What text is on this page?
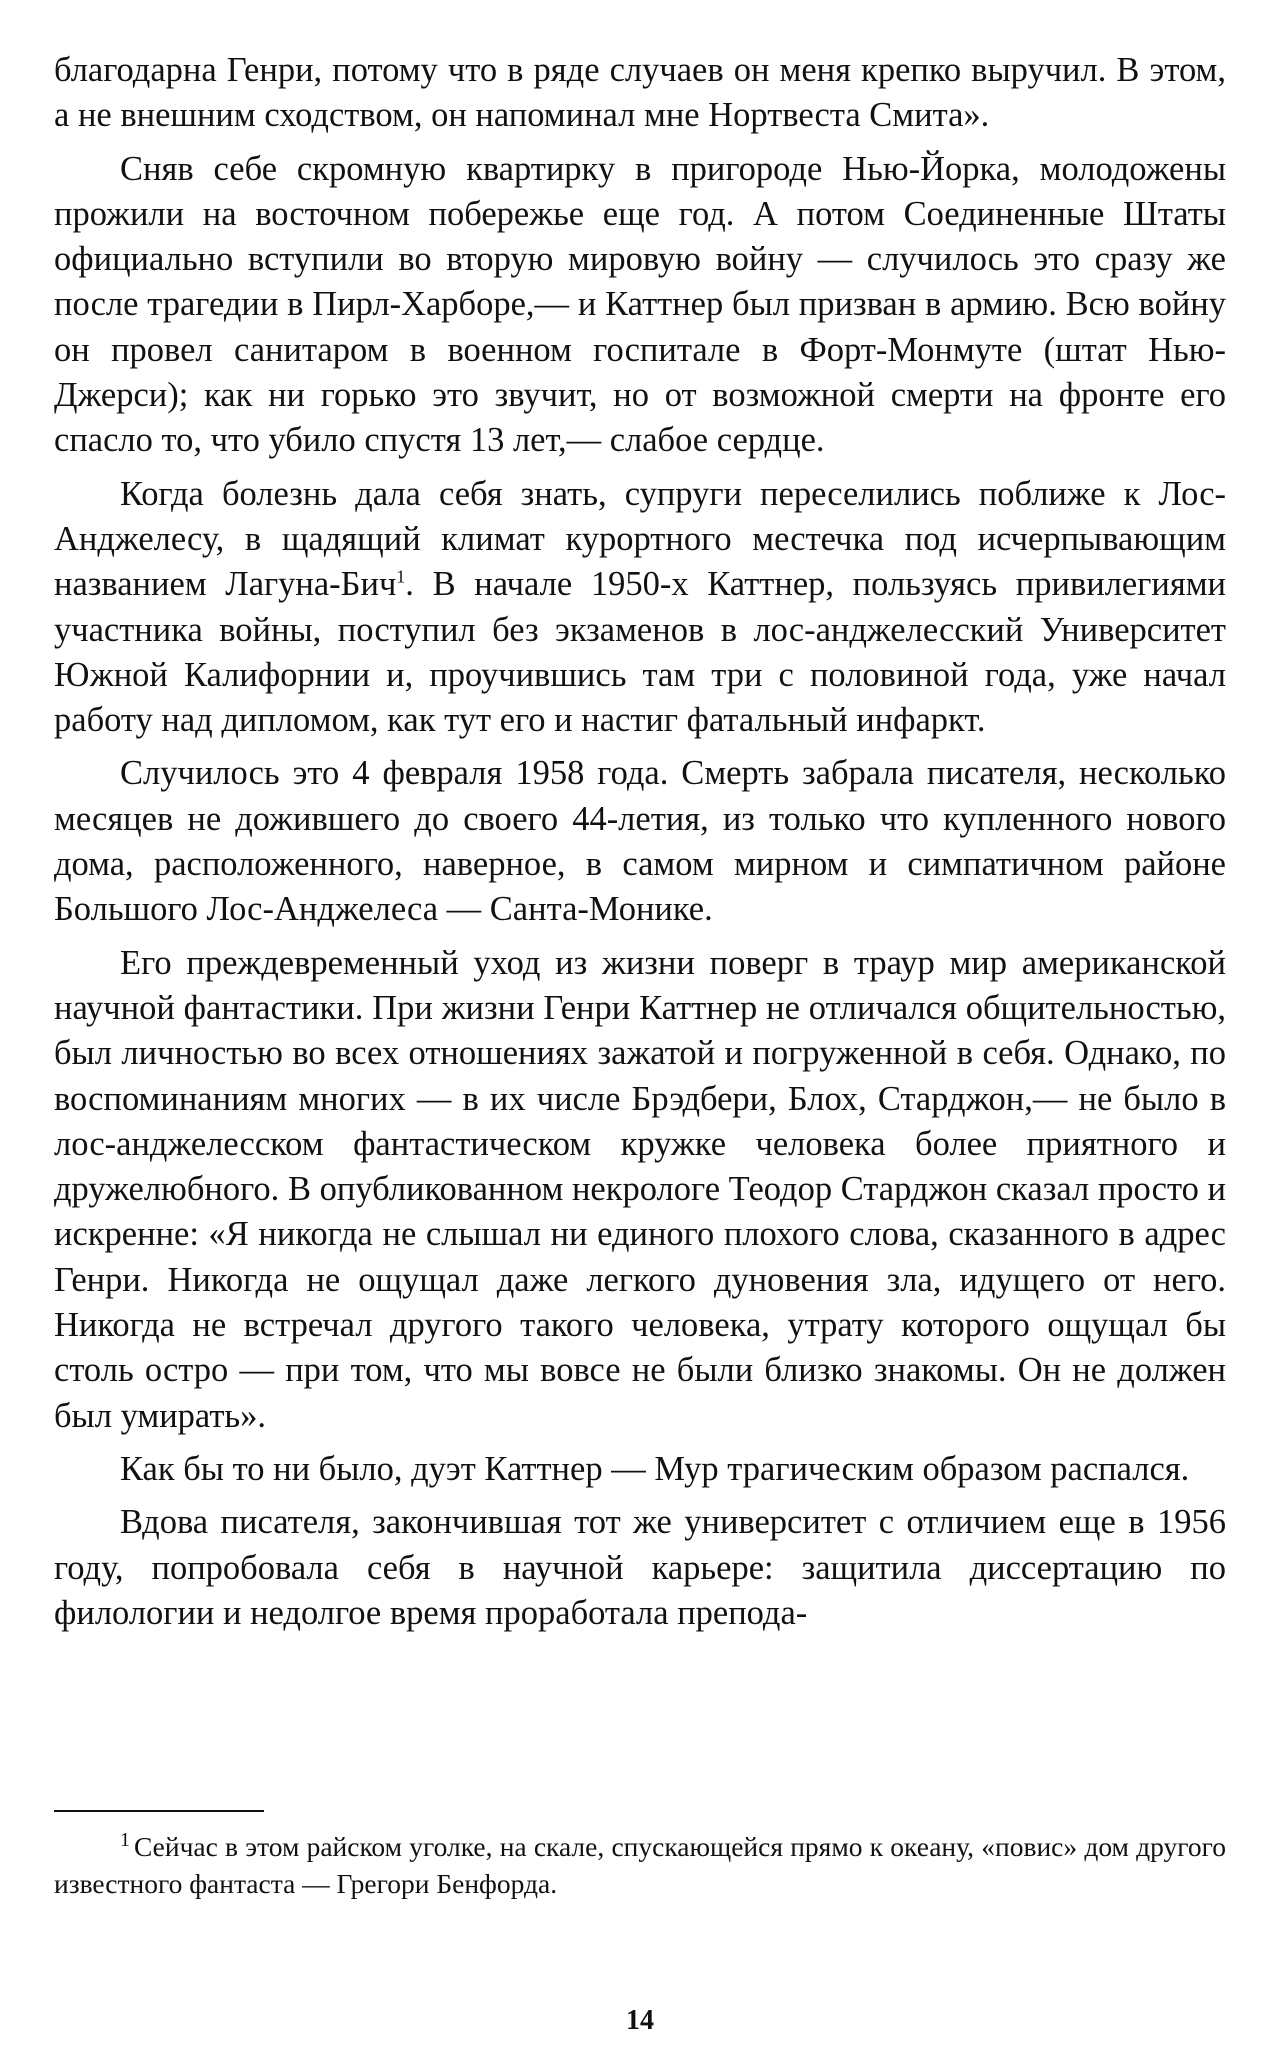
благодарна Генри, потому что в ряде случаев он меня крепко выручил. В этом, а не внешним сходством, он напоминал мне Нортвеста Смита».

Сняв себе скромную квартирку в пригороде Нью-Йорка, молодожены прожили на восточном побережье еще год. А потом Соединенные Штаты официально вступили во вторую мировую войну — случилось это сразу же после трагедии в Пирл-Харборе,— и Каттнер был призван в армию. Всю войну он провел санитаром в военном госпитале в Форт-Монмуте (штат Нью-Джерси); как ни горько это звучит, но от возможной смерти на фронте его спасло то, что убило спустя 13 лет,— слабое сердце.

Когда болезнь дала себя знать, супруги переселились поближе к Лос-Анджелесу, в щадящий климат курортного местечка под исчерпывающим названием Лагуна-Бич$^1$. В начале 1950-х Каттнер, пользуясь привилегиями участника войны, поступил без экзаменов в лос-анджелесский Университет Южной Калифорнии и, проучившись там три с половиной года, уже начал работу над дипломом, как тут его и настиг фатальный инфаркт.

Случилось это 4 февраля 1958 года. Смерть забрала писателя, несколько месяцев не дожившего до своего 44-летия, из только что купленного нового дома, расположенного, наверное, в самом мирном и симпатичном районе Большого Лос-Анджелеса — Санта-Монике.

Его преждевременный уход из жизни поверг в траур мир американской научной фантастики. При жизни Генри Каттнер не отличался общительностью, был личностью во всех отношениях зажатой и погруженной в себя. Однако, по воспоминаниям многих — в их числе Брэдбери, Блох, Старджон,— не было в лос-анджелесском фантастическом кружке человека более приятного и дружелюбного. В опубликованном некрологе Теодор Старджон сказал просто и искренне: «Я никогда не слышал ни единого плохого слова, сказанного в адрес Генри. Никогда не ощущал даже легкого дуновения зла, идущего от него. Никогда не встречал другого такого человека, утрату которого ощущал бы столь остро — при том, что мы вовсе не были близко знакомы. Он не должен был умирать».

Как бы то ни было, дуэт Каттнер — Мур трагическим образом распался.

Вдова писателя, закончившая тот же университет с отличием еще в 1956 году, попробовала себя в научной карьере: защитила диссертацию по филологии и недолгое время проработала препода-

$^1$ Сейчас в этом райском уголке, на скале, спускающейся прямо к океану, «повис» дом другого известного фантаста — Грегори Бенфорда.
14
